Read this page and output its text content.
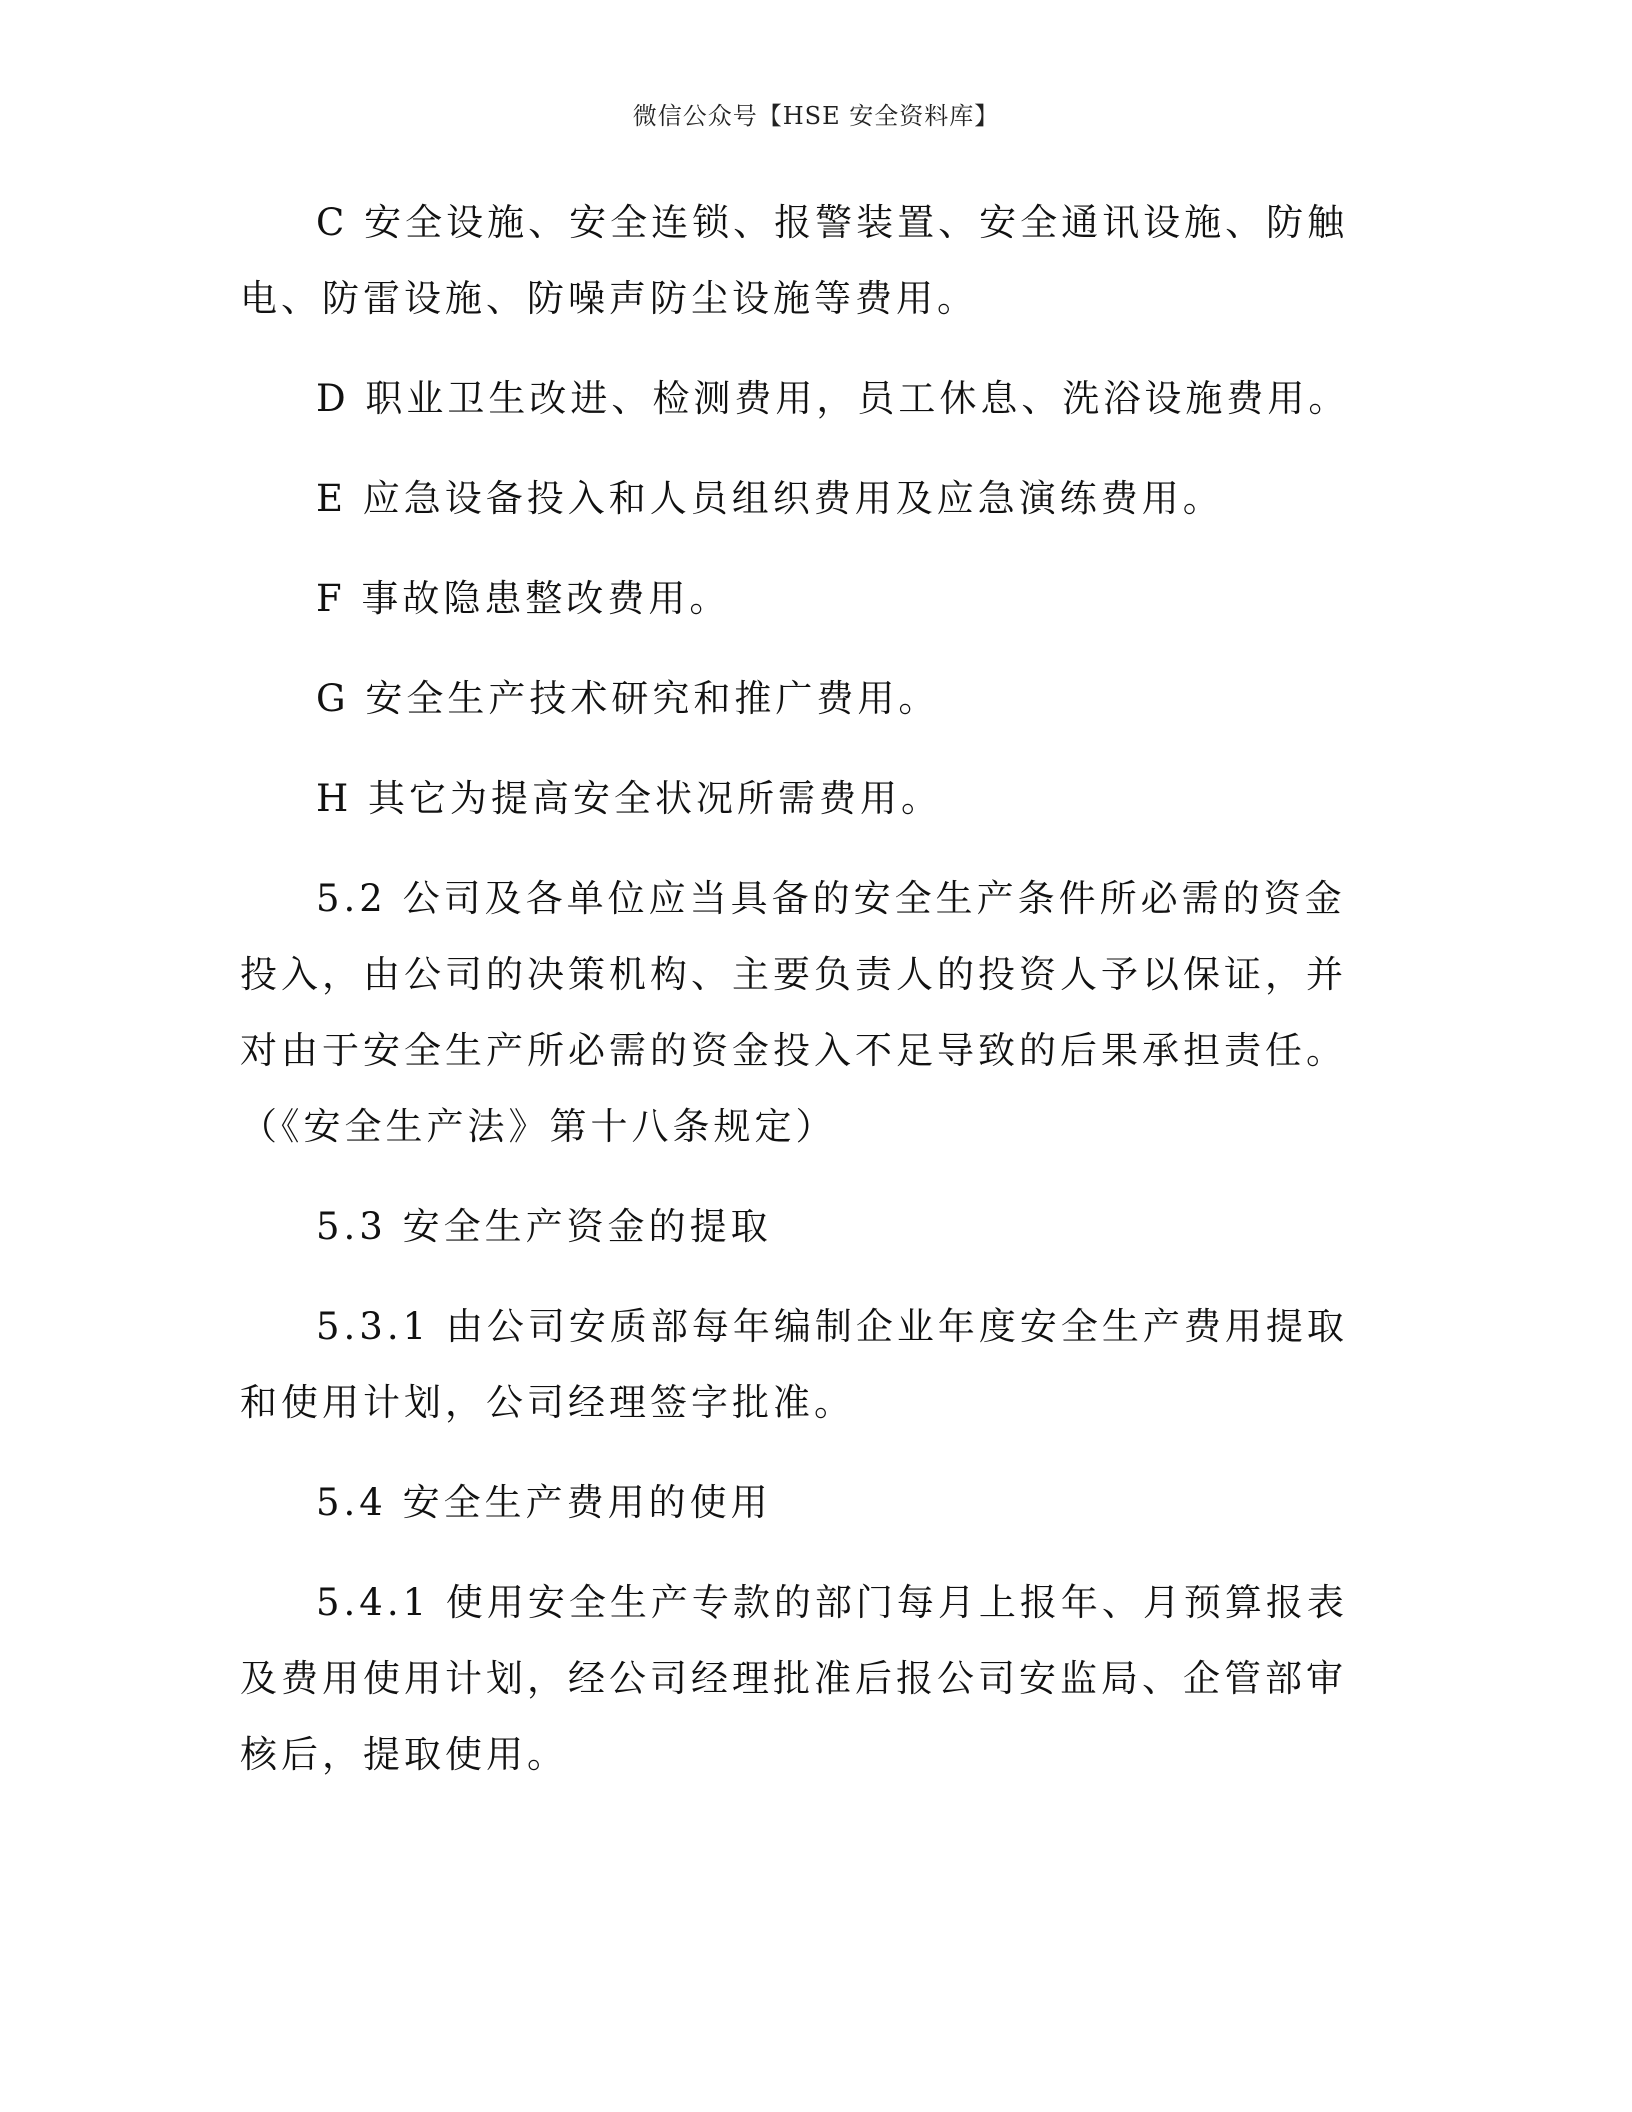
微信公众号【HSE 安全资料库】

C 安全设施、安全连锁、报警装置、安全通讯设施、防触电、防雷设施、防噪声防尘设施等费用。

D 职业卫生改进、检测费用，员工休息、洗浴设施费用。

E 应急设备投入和人员组织费用及应急演练费用。

F 事故隐患整改费用。

G 安全生产技术研究和推广费用。

H 其它为提高安全状况所需费用。

5.2 公司及各单位应当具备的安全生产条件所必需的资金投入，由公司的决策机构、主要负责人的投资人予以保证，并对由于安全生产所必需的资金投入不足导致的后果承担责任。（《安全生产法》第十八条规定）

5.3 安全生产资金的提取

5.3.1 由公司安质部每年编制企业年度安全生产费用提取和使用计划，公司经理签字批准。

5.4 安全生产费用的使用

5.4.1 使用安全生产专款的部门每月上报年、月预算报表及费用使用计划，经公司经理批准后报公司安监局、企管部审核后，提取使用。
